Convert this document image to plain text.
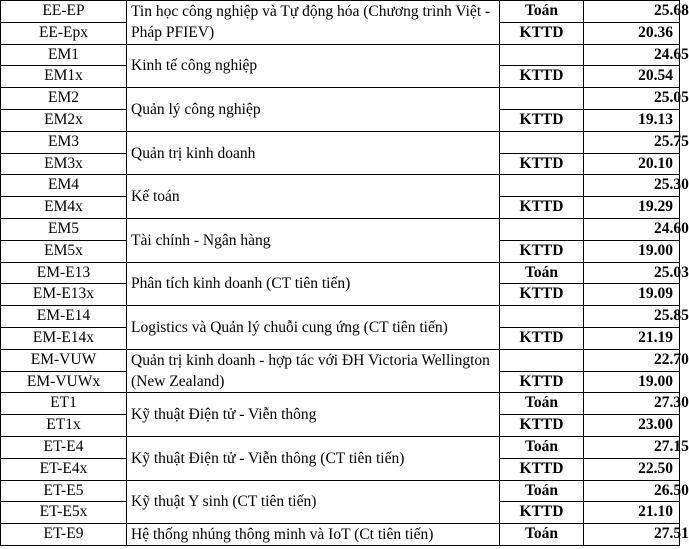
EE-EP	Tin học công nghiệp và Tự động hóa (Chương trình Việt - Pháp PFIEV)	Toán	25.68
EE-Epx		KTTD	20.36
EM1	Kinh tế công nghiệp		24.65
EM1x		KTTD	20.54
EM2	Quản lý công nghiệp		25.05
EM2x		KTTD	19.13
EM3	Quản trị kinh doanh		25.75
EM3x		KTTD	20.10
EM4	Kế toán		25.30
EM4x		KTTD	19.29
EM5	Tài chính - Ngân hàng		24.60
EM5x		KTTD	19.00
EM-E13	Phân tích kinh doanh (CT tiên tiến)	Toán	25.03
EM-E13x		KTTD	19.09
EM-E14	Logistics và Quản lý chuỗi cung ứng (CT tiên tiến)		25.85
EM-E14x		KTTD	21.19
EM-VUW	Quản trị kinh doanh - hợp tác với ĐH Victoria Wellington (New Zealand)		22.70
EM-VUWx		KTTD	19.00
ET1	Kỹ thuật Điện tử - Viễn thông	Toán	27.30
ET1x		KTTD	23.00
ET-E4	Kỹ thuật Điện tử - Viễn thông (CT tiên tiến)	Toán	27.15
ET-E4x		KTTD	22.50
ET-E5	Kỹ thuật Y sinh (CT tiên tiến)	Toán	26.50
ET-E5x		KTTD	21.10
ET-E9	Hệ thống nhúng thông minh và IoT (Ct tiên tiến)	Toán	27.51
